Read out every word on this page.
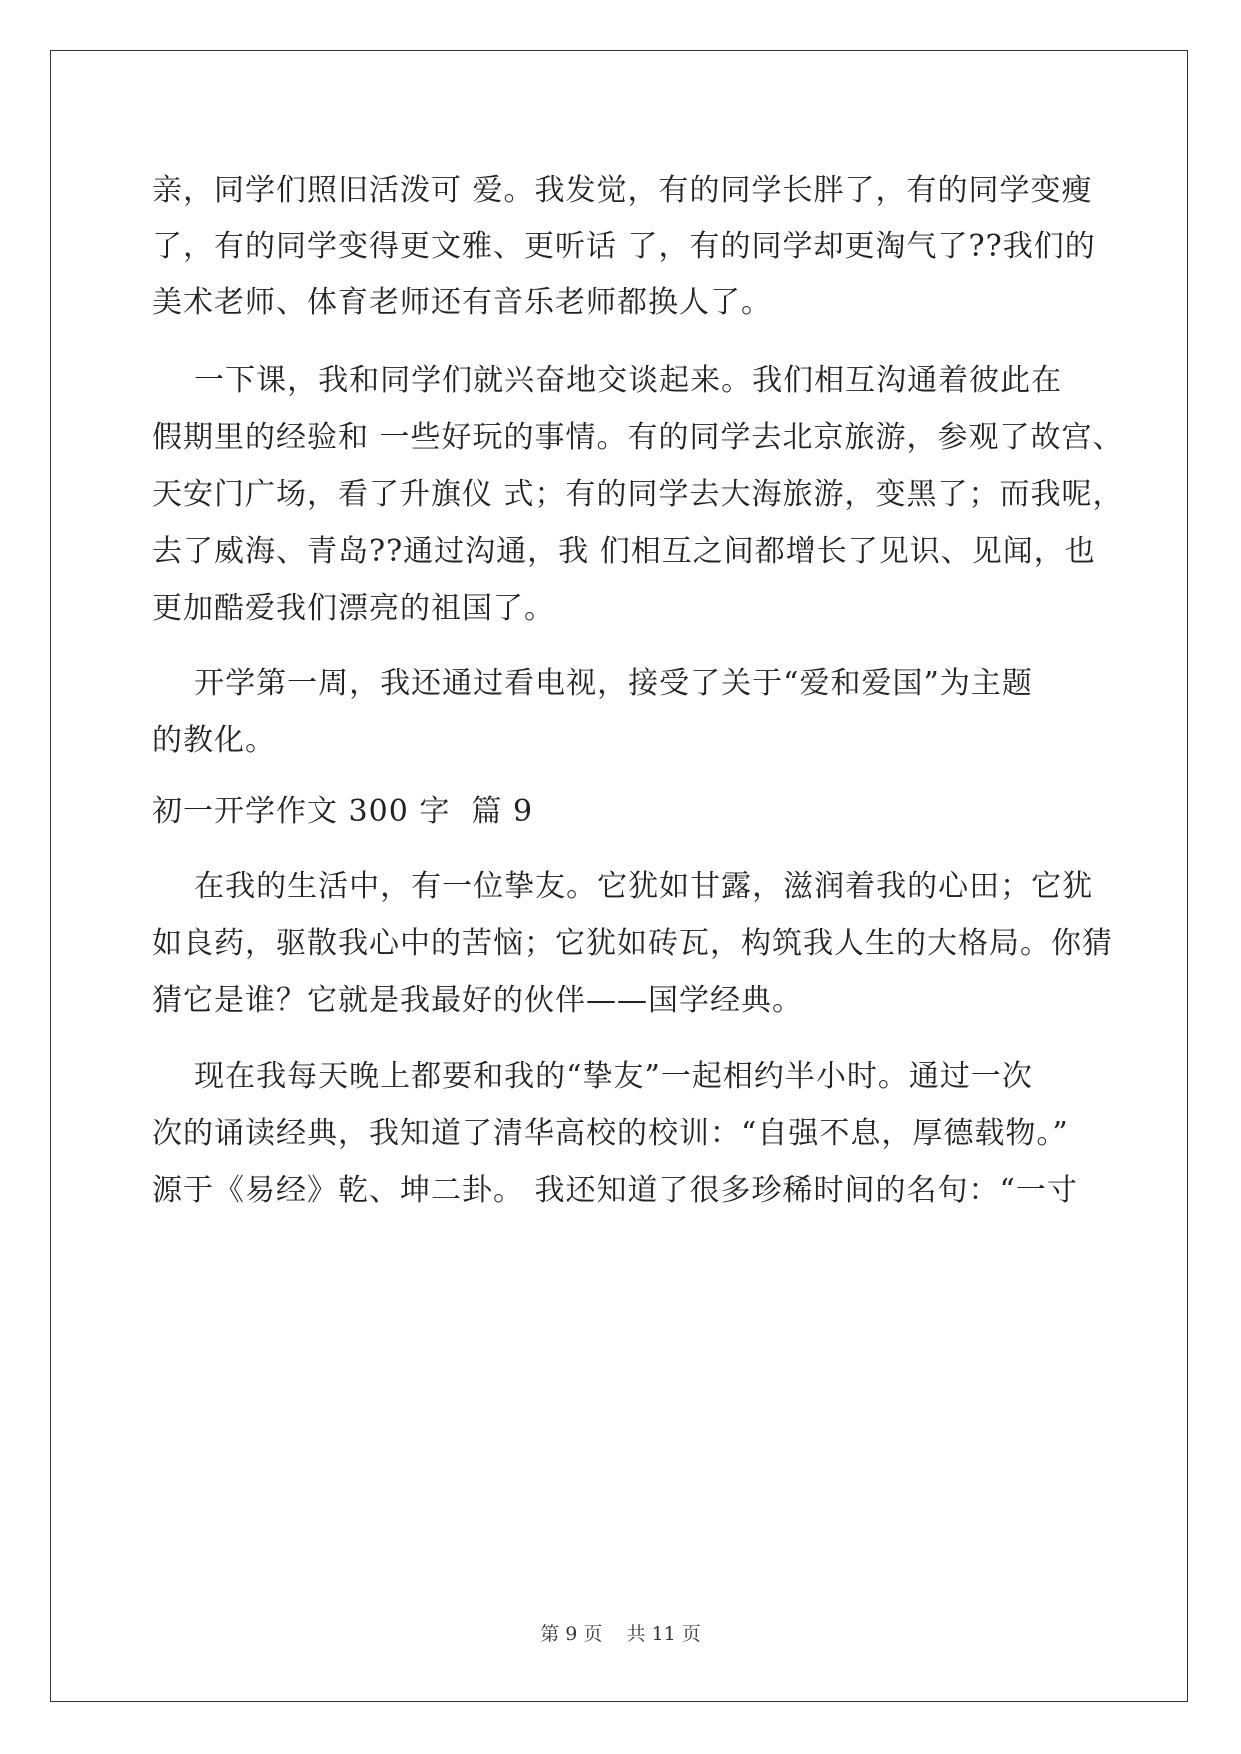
亲，同学们照旧活泼可 爱。我发觉，有的同学长胖了，有的同学变瘦
了，有的同学变得更文雅、更听话 了，有的同学却更淘气了??我们的
美术老师、体育老师还有音乐老师都换人了。
一下课，我和同学们就兴奋地交谈起来。我们相互沟通着彼此在
假期里的经验和 一些好玩的事情。有的同学去北京旅游，参观了故宫、
天安门广场，看了升旗仪 式；有的同学去大海旅游，变黑了；而我呢，
去了威海、青岛??通过沟通，我 们相互之间都增长了见识、见闻，也
更加酷爱我们漂亮的祖国了。
开学第一周，我还通过看电视，接受了关于“爱和爱国”为主题
的教化。
初一开学作文 300 字  篇 9
在我的生活中，有一位挚友。它犹如甘露，滋润着我的心田；它犹
如良药，驱散我心中的苦恼；它犹如砖瓦，构筑我人生的大格局。你猜
猜它是谁？它就是我最好的伙伴——国学经典。
现在我每天晚上都要和我的“挚友”一起相约半小时。通过一次
次的诵读经典，我知道了清华高校的校训：“自强不息，厚德载物。”
源于《易经》乾、坤二卦。 我还知道了很多珍稀时间的名句：“一寸
第 9 页    共 11 页
